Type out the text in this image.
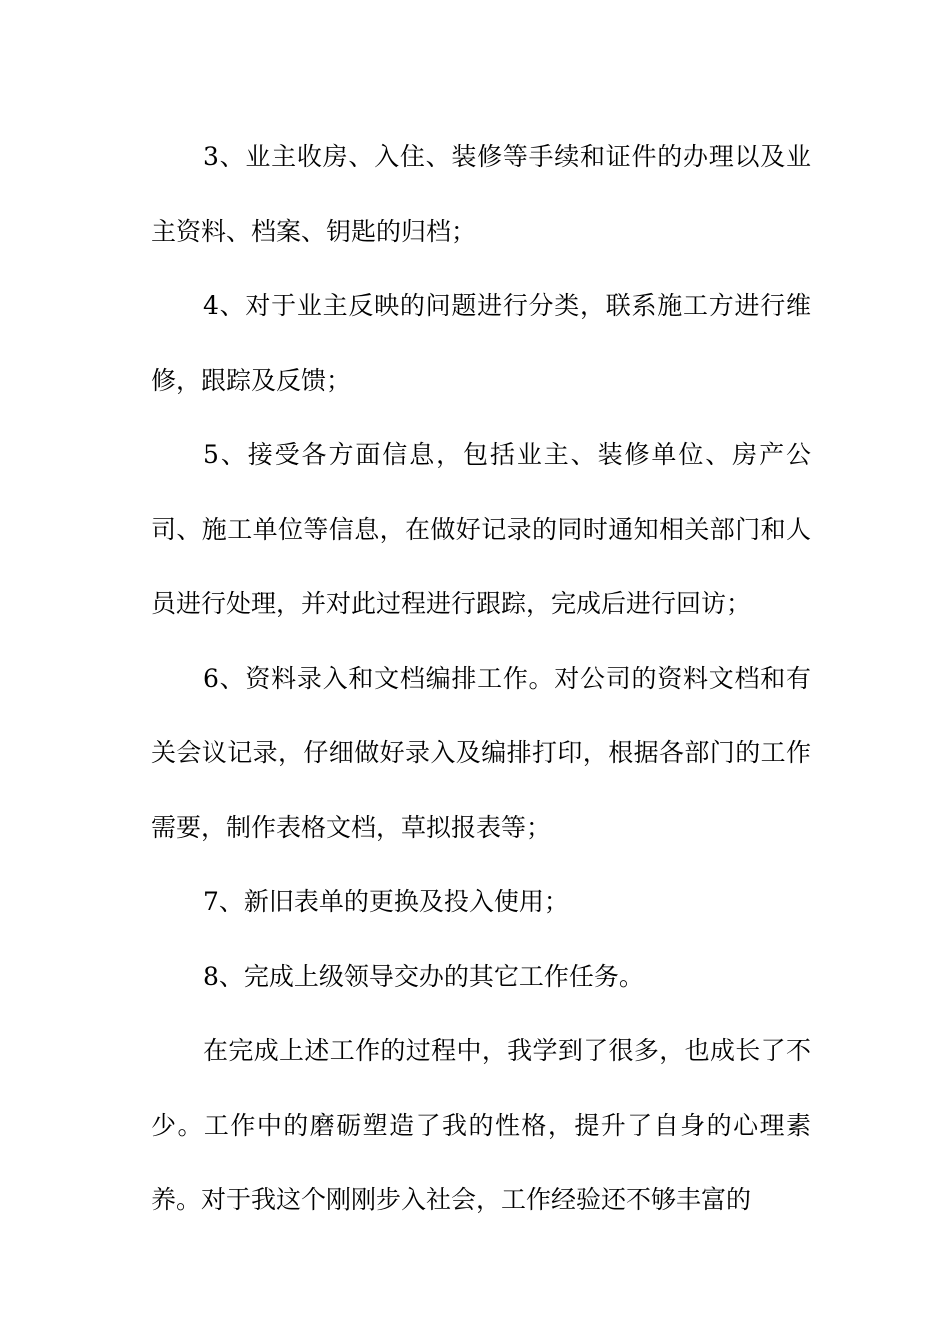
3、业主收房、入住、装修等手续和证件的办理以及业主资料、档案、钥匙的归档；

4、对于业主反映的问题进行分类，联系施工方进行维修，跟踪及反馈；

5、接受各方面信息，包括业主、装修单位、房产公司、施工单位等信息，在做好记录的同时通知相关部门和人员进行处理，并对此过程进行跟踪，完成后进行回访；

6、资料录入和文档编排工作。对公司的资料文档和有关会议记录，仔细做好录入及编排打印，根据各部门的工作需要，制作表格文档，草拟报表等；

7、新旧表单的更换及投入使用；

8、完成上级领导交办的其它工作任务。

在完成上述工作的过程中，我学到了很多，也成长了不少。工作中的磨砺塑造了我的性格，提升了自身的心理素养。对于我这个刚刚步入社会，工作经验还不够丰富的
